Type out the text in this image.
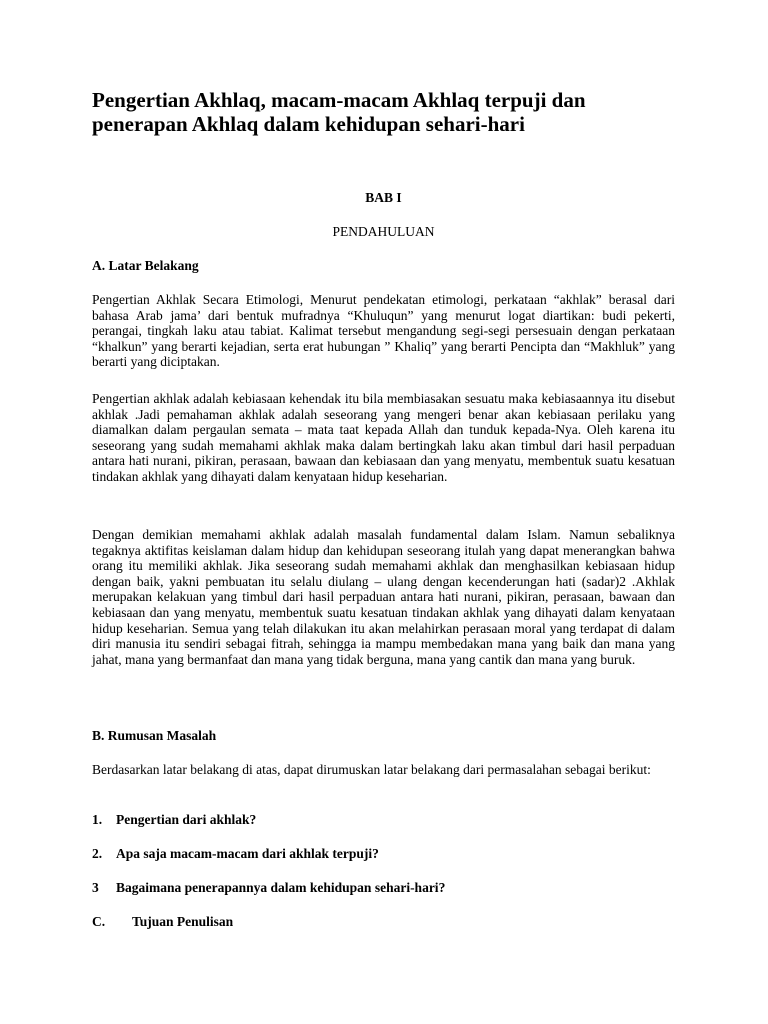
Pengertian Akhlaq, macam-macam Akhlaq terpuji dan
penerapan Akhlaq dalam kehidupan sehari-hari

BAB I

PENDAHULUAN

A. Latar Belakang

Pengertian Akhlak Secara Etimologi, Menurut pendekatan etimologi, perkataan “akhlak” berasal dari bahasa Arab jama’ dari bentuk mufradnya “Khuluqun” yang menurut logat diartikan: budi pekerti, perangai, tingkah laku atau tabiat. Kalimat tersebut mengandung segi-segi persesuain dengan perkataan “khalkun” yang berarti kejadian, serta erat hubungan ” Khaliq” yang berarti Pencipta dan “Makhluk” yang berarti yang diciptakan.

Pengertian akhlak adalah kebiasaan kehendak itu bila membiasakan sesuatu maka kebiasaannya itu disebut akhlak .Jadi pemahaman akhlak adalah seseorang yang mengeri benar akan kebiasaan perilaku yang diamalkan dalam pergaulan semata – mata taat kepada Allah dan tunduk kepada-Nya. Oleh karena itu seseorang yang sudah memahami akhlak maka dalam bertingkah laku akan timbul dari hasil perpaduan antara hati nurani, pikiran, perasaan, bawaan dan kebiasaan dan yang menyatu, membentuk suatu kesatuan tindakan akhlak yang dihayati dalam kenyataan hidup keseharian.

Dengan demikian memahami akhlak adalah masalah fundamental dalam Islam. Namun sebaliknya tegaknya aktifitas keislaman dalam hidup dan kehidupan seseorang itulah yang dapat menerangkan bahwa orang itu memiliki akhlak. Jika seseorang sudah memahami akhlak dan menghasilkan kebiasaan hidup dengan baik, yakni pembuatan itu selalu diulang – ulang dengan kecenderungan hati (sadar)2 .Akhlak merupakan kelakuan yang timbul dari hasil perpaduan antara hati nurani, pikiran, perasaan, bawaan dan kebiasaan dan yang menyatu, membentuk suatu kesatuan tindakan akhlak yang dihayati dalam kenyataan hidup keseharian. Semua yang telah dilakukan itu akan melahirkan perasaan moral yang terdapat di dalam diri manusia itu sendiri sebagai fitrah, sehingga ia mampu membedakan mana yang baik dan mana yang jahat, mana yang bermanfaat dan mana yang tidak berguna, mana yang cantik dan mana yang buruk.

B. Rumusan Masalah

Berdasarkan latar belakang di atas, dapat dirumuskan latar belakang dari permasalahan sebagai berikut:

1. Pengertian dari akhlak?

2. Apa saja macam-macam dari akhlak terpuji?

3 Bagaimana penerapannya dalam kehidupan sehari-hari?

C. Tujuan Penulisan
